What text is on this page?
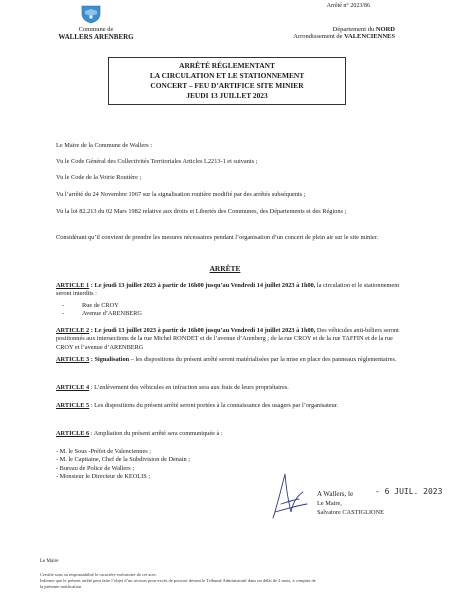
Arrêté n° 2023/86
Commune de
WALLERS ARENBERG
Département du NORD
Arrondissement de VALENCIENNES
ARRÊTÉ RÉGLEMENTANT
LA CIRCULATION ET LE STATIONNEMENT
CONCERT – FEU D’ARTIFICE SITE MINIER
JEUDI 13 JUILLET 2023
Le Maire de la Commune de Wallers :
Vu le Code Général des Collectivités Territoriales Articles L2213-1 et suivants ;
Vu le Code de la Voirie Routière ;
Vu l’arrêté du 24 Novembre 1967 sur la signalisation routière modifié par des arrêtés subséquents ;
Vu la loi 82.213 du 02 Mars 1982 relative aux droits et Libertés des Communes, des Départements et des Régions ;
Considérant qu’il convient de prendre les mesures nécessaires pendant l’organisation d’un concert de plein air sur le site minier.
ARRÊTE
ARTICLE 1 : Le jeudi 13 juillet 2023 à partir de 16h00 jusqu’au Vendredi 14 juillet 2023 à 1h00, la circulation et le stationnement seront interdits :
-	Rue de CROY
-	Avenue d’ARENBERG
ARTICLE 2 : Le jeudi 13 juillet 2023 à partir de 16h00 jusqu’au Vendredi 14 juillet 2023 à 1h00, Des véhicules anti-béliers seront positionnés aux intersections de la rue Michel RONDET et de l’avenue d’Arenberg ; de la rue CROY et de la rue TAFFIN et de la rue CROY et l’avenue d’ARENBERG
ARTICLE 3 : Signalisation – les dispositions du présent arrêté seront matérialisées par la mise en place des panneaux réglementaires.
ARTICLE 4 : L’enlèvement des véhicules en infraction sera aux frais de leurs propriétaires.
ARTICLE 5 : Les dispositions du présent arrêté seront portées à la connaissance des usagers par l’organisateur.
ARTICLE 6 : Ampliation du présent arrêté sera communiquée à :
- M. le Sous -Préfet de Valenciennes ;
- M. le Capitaine, Chef de la Subdivision de Denain ;
- Bureau de Police de Wallers ;
- Monsieur le Directeur de KEOLIS ;
A Wallers, le	- 6 JUIL. 2023
Le Maire,
Salvatore CASTIGLIONE
Le Maire
Certifie sous sa responsabilité le caractère exécutoire de cet acte.
Informe que le présent arrêté peut faire l’objet d’un recours pour excès de pouvoir devant le Tribunal Administratif dans un délai de 2 mois, à compter de
la présente notification
